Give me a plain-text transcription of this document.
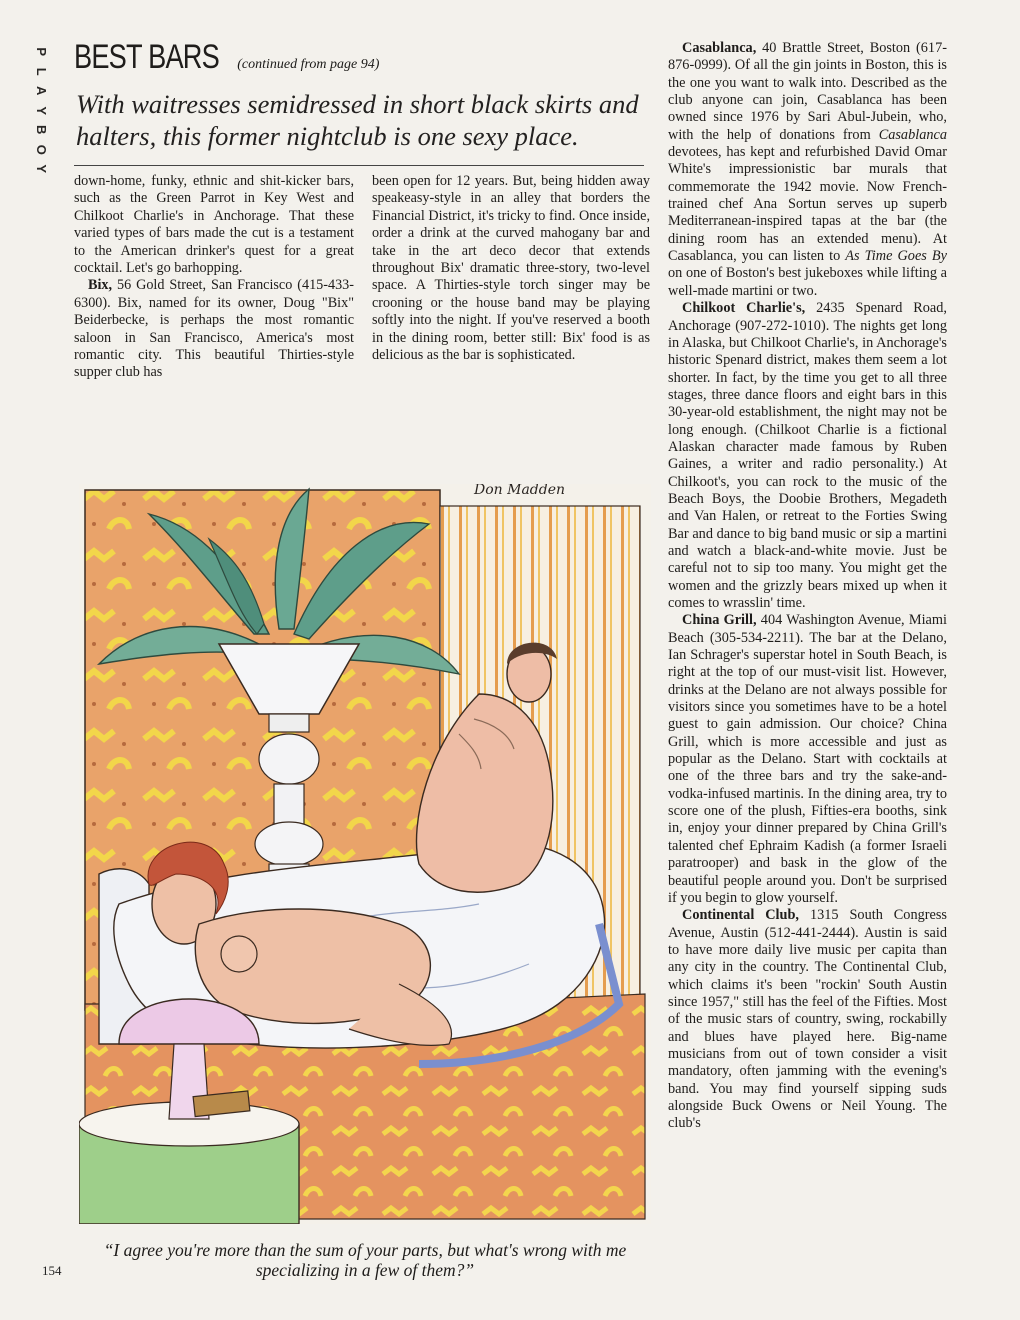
P
L
A
Y
B
O
Y
BEST BARS (continued from page 94)
With waitresses semidressed in short black skirts and halters, this former nightclub is one sexy place.

down-home, funky, ethnic and shit-kicker bars, such as the Green Parrot in Key West and Chilkoot Charlie's in Anchorage. That these varied types of bars made the cut is a testament to the American drinker's quest for a great cocktail. Let's go barhopping.

Bix, 56 Gold Street, San Francisco (415-433-6300). Bix, named for its owner, Doug "Bix" Beiderbecke, is perhaps the most romantic saloon in San Francisco, America's most romantic city. This beautiful Thirties-style supper club has

been open for 12 years. But, being hidden away speakeasy-style in an alley that borders the Financial District, it's tricky to find. Once inside, order a drink at the curved mahogany bar and take in the art deco decor that extends throughout Bix' dramatic three-story, two-level space. A Thirties-style torch singer may be crooning or the house band may be playing softly into the night. If you've reserved a booth in the dining room, better still: Bix' food is as delicious as the bar is sophisticated.

Casablanca, 40 Brattle Street, Boston (617-876-0999). Of all the gin joints in Boston, this is the one you want to walk into. Described as the club anyone can join, Casablanca has been owned since 1976 by Sari Abul-Jubein, who, with the help of donations from Casablanca devotees, has kept and refurbished David Omar White's impressionistic bar murals that commemorate the 1942 movie. Now French-trained chef Ana Sortun serves up superb Mediterranean-inspired tapas at the bar (the dining room has an extended menu). At Casablanca, you can listen to As Time Goes By on one of Boston's best jukeboxes while lifting a well-made martini or two.

Chilkoot Charlie's, 2435 Spenard Road, Anchorage (907-272-1010). The nights get long in Alaska, but Chilkoot Charlie's, in Anchorage's historic Spenard district, makes them seem a lot shorter. In fact, by the time you get to all three stages, three dance floors and eight bars in this 30-year-old establishment, the night may not be long enough. (Chilkoot Charlie is a fictional Alaskan character made famous by Ruben Gaines, a writer and radio personality.) At Chilkoot's, you can rock to the music of the Beach Boys, the Doobie Brothers, Megadeth and Van Halen, or retreat to the Forties Swing Bar and dance to big band music or sip a martini and watch a black-and-white movie. Just be careful not to sip too many. You might get the women and the grizzly bears mixed up when it comes to wrasslin' time.

China Grill, 404 Washington Avenue, Miami Beach (305-534-2211). The bar at the Delano, Ian Schrager's superstar hotel in South Beach, is right at the top of our must-visit list. However, drinks at the Delano are not always possible for visitors since you sometimes have to be a hotel guest to gain admission. Our choice? China Grill, which is more accessible and just as popular as the Delano. Start with cocktails at one of the three bars and try the sake-and-vodka-infused martinis. In the dining area, try to score one of the plush, Fifties-era booths, sink in, enjoy your dinner prepared by China Grill's talented chef Ephraim Kadish (a former Israeli paratrooper) and bask in the glow of the beautiful people around you. Don't be surprised if you begin to glow yourself.

Continental Club, 1315 South Congress Avenue, Austin (512-441-2444). Austin is said to have more daily live music per capita than any city in the country. The Continental Club, which claims it's been "rockin' South Austin since 1957," still has the feel of the Fifties. Most of the music stars of country, swing, rockabilly and blues have played here. Big-name musicians from out of town consider a visit mandatory, often jamming with the evening's band. You may find yourself sipping suds alongside Buck Owens or Neil Young. The club's

Don Madden
“I agree you're more than the sum of your parts, but what's wrong with me specializing in a few of them?”
154
